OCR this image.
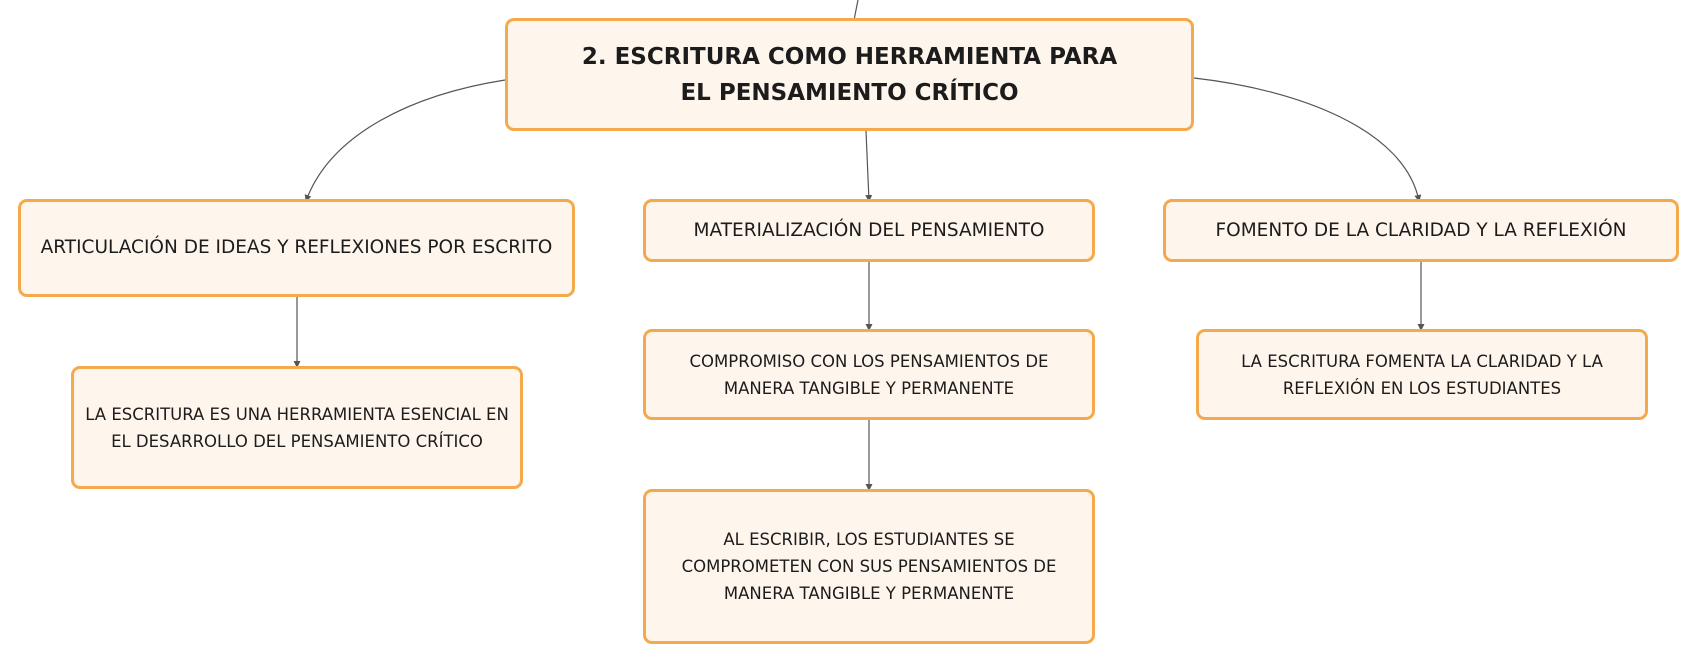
2. ESCRITURA COMO HERRAMIENTA PARA EL PENSAMIENTO CRÍTICO
ARTICULACIÓN DE IDEAS Y REFLEXIONES POR ESCRITO
MATERIALIZACIÓN DEL PENSAMIENTO	FOMENTO DE LA CLARIDAD Y LA REFLEXIÓN
LA ESCRITURA ES UNA HERRAMIENTA ESENCIAL EN EL DESARROLLO DEL PENSAMIENTO CRÍTICO
COMPROMISO CON LOS PENSAMIENTOS DE MANERA TANGIBLE Y PERMANENTE
AL ESCRIBIR, LOS ESTUDIANTES SE COMPROMETEN CON SUS PENSAMIENTOS DE MANERA TANGIBLE Y PERMANENTE
LA ESCRITURA FOMENTA LA CLARIDAD Y LA REFLEXIÓN EN LOS ESTUDIANTES
